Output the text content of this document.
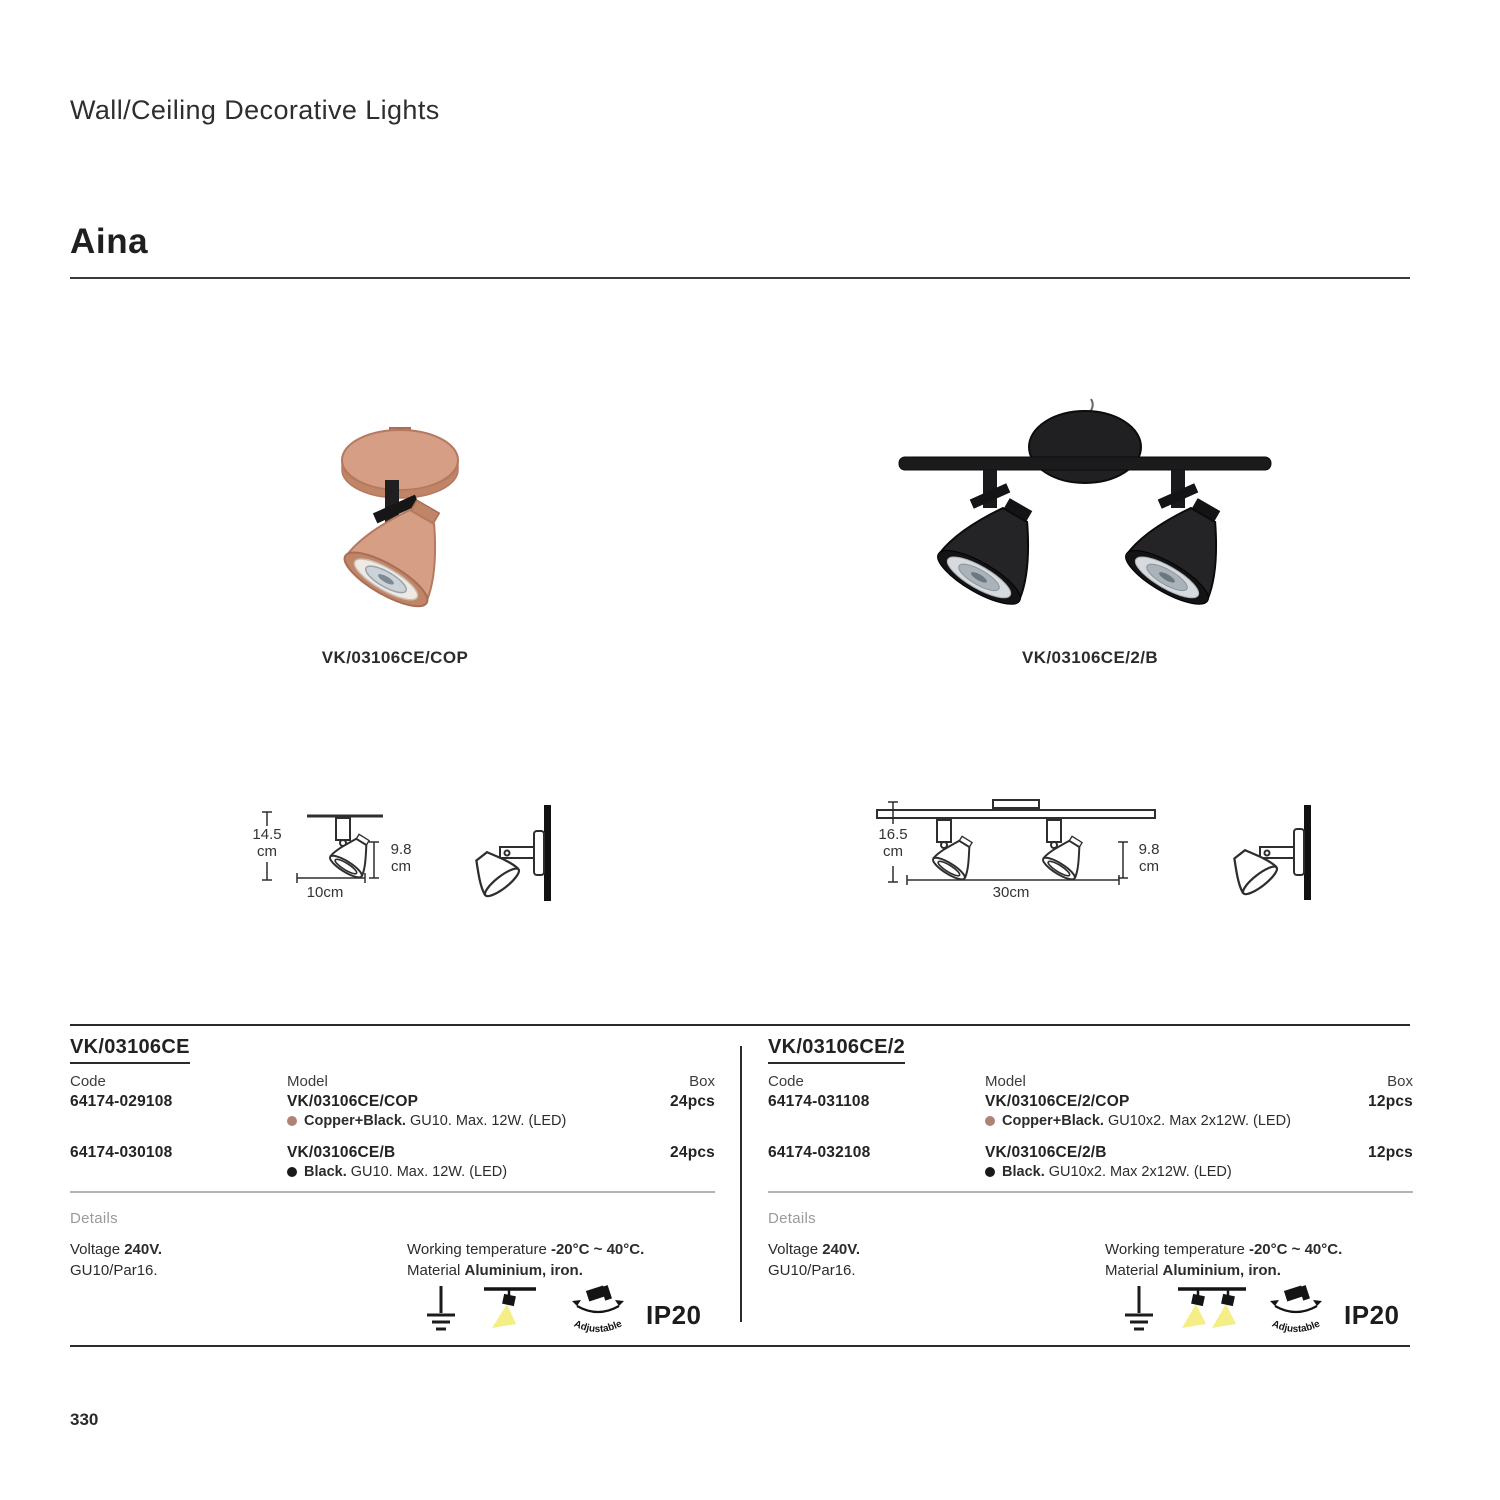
Wall/Ceiling Decorative Lights
Aina
VK/03106CE/COP	VK/03106CE/2/B
14.5
cm	9.8
cm
10cm
16.5
cm	9.8
cm
30cm
VK/03106CE
Code	Model	Box
64174-029108	VK/03106CE/COP	24pcs
Copper+Black. GU10. Max. 12W. (LED)
64174-030108	VK/03106CE/B	24pcs
Black. GU10. Max. 12W. (LED)
Details
Voltage 240V.
GU10/Par16.
Working temperature -20°C ~ 40°C.
Material Aluminium, iron.
Adjustable IP20
VK/03106CE/2
Code	Model	Box
64174-031108	VK/03106CE/2/COP	12pcs
Copper+Black. GU10x2. Max 2x12W. (LED)
64174-032108	VK/03106CE/2/B	12pcs
Black. GU10x2. Max 2x12W. (LED)
Details
Voltage 240V.
GU10/Par16.
Working temperature -20°C ~ 40°C.
Material Aluminium, iron.
Adjustable IP20
330
